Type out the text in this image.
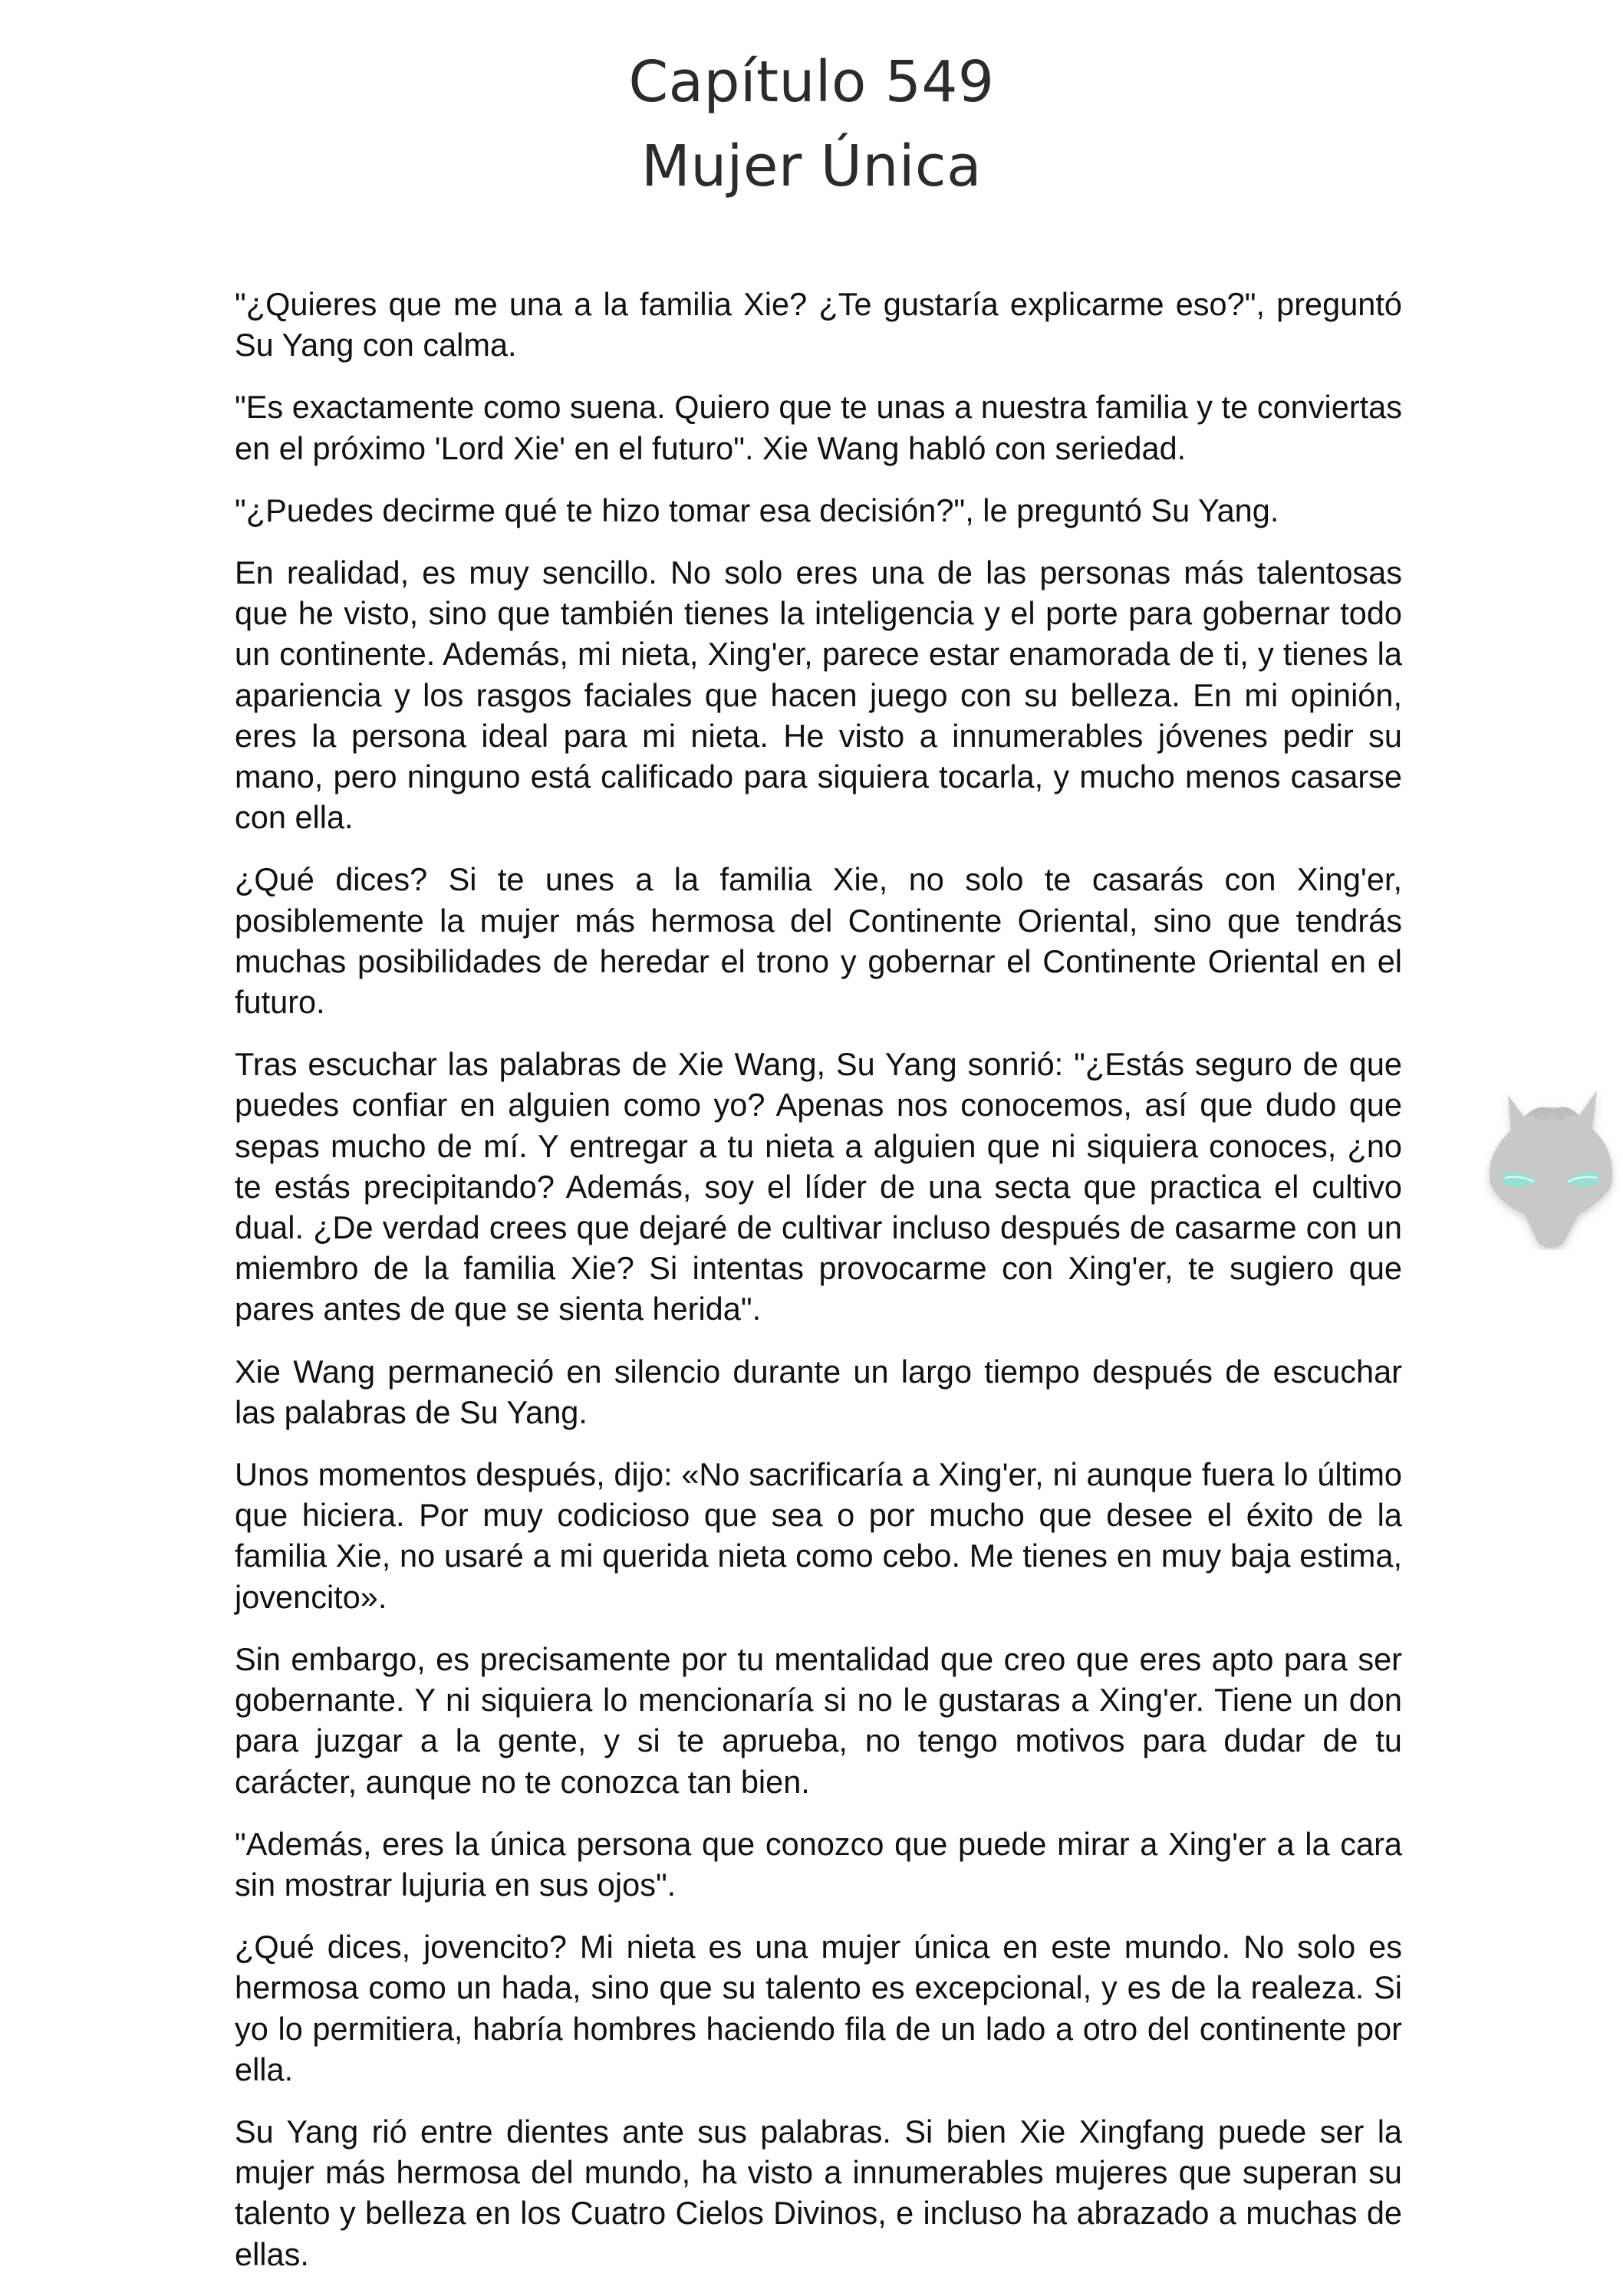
Capítulo 549
Mujer Única

"¿Quieres que me una a la familia Xie? ¿Te gustaría explicarme eso?", preguntó Su Yang con calma.

"Es exactamente como suena. Quiero que te unas a nuestra familia y te conviertas en el próximo 'Lord Xie' en el futuro". Xie Wang habló con seriedad.

"¿Puedes decirme qué te hizo tomar esa decisión?", le preguntó Su Yang.

En realidad, es muy sencillo. No solo eres una de las personas más talentosas que he visto, sino que también tienes la inteligencia y el porte para gobernar todo un continente. Además, mi nieta, Xing'er, parece estar enamorada de ti, y tienes la apariencia y los rasgos faciales que hacen juego con su belleza. En mi opinión, eres la persona ideal para mi nieta. He visto a innumerables jóvenes pedir su mano, pero ninguno está calificado para siquiera tocarla, y mucho menos casarse con ella.

¿Qué dices? Si te unes a la familia Xie, no solo te casarás con Xing'er, posiblemente la mujer más hermosa del Continente Oriental, sino que tendrás muchas posibilidades de heredar el trono y gobernar el Continente Oriental en el futuro.

Tras escuchar las palabras de Xie Wang, Su Yang sonrió: "¿Estás seguro de que puedes confiar en alguien como yo? Apenas nos conocemos, así que dudo que sepas mucho de mí. Y entregar a tu nieta a alguien que ni siquiera conoces, ¿no te estás precipitando? Además, soy el líder de una secta que practica el cultivo dual. ¿De verdad crees que dejaré de cultivar incluso después de casarme con un miembro de la familia Xie? Si intentas provocarme con Xing'er, te sugiero que pares antes de que se sienta herida".

Xie Wang permaneció en silencio durante un largo tiempo después de escuchar las palabras de Su Yang.

Unos momentos después, dijo: «No sacrificaría a Xing'er, ni aunque fuera lo último que hiciera. Por muy codicioso que sea o por mucho que desee el éxito de la familia Xie, no usaré a mi querida nieta como cebo. Me tienes en muy baja estima, jovencito».

Sin embargo, es precisamente por tu mentalidad que creo que eres apto para ser gobernante. Y ni siquiera lo mencionaría si no le gustaras a Xing'er. Tiene un don para juzgar a la gente, y si te aprueba, no tengo motivos para dudar de tu carácter, aunque no te conozca tan bien.

"Además, eres la única persona que conozco que puede mirar a Xing'er a la cara sin mostrar lujuria en sus ojos".

¿Qué dices, jovencito? Mi nieta es una mujer única en este mundo. No solo es hermosa como un hada, sino que su talento es excepcional, y es de la realeza. Si yo lo permitiera, habría hombres haciendo fila de un lado a otro del continente por ella.

Su Yang rió entre dientes ante sus palabras. Si bien Xie Xingfang puede ser la mujer más hermosa del mundo, ha visto a innumerables mujeres que superan su talento y belleza en los Cuatro Cielos Divinos, e incluso ha abrazado a muchas de ellas.
